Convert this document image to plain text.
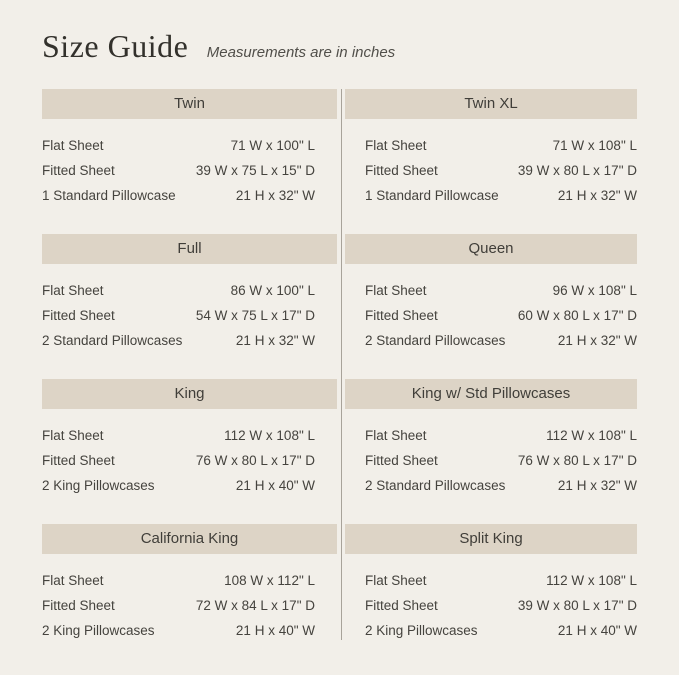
Size Guide Measurements are in inches
Twin
Flat Sheet	71 W x 100" L
Fitted Sheet	39 W x 75 L x 15" D
1 Standard Pillowcase	21 H x 32" W
Twin XL
Flat Sheet	71 W x 108" L
Fitted Sheet	39 W x 80 L x 17" D
1 Standard Pillowcase	21 H x 32" W
Full
Flat Sheet	86 W x 100" L
Fitted Sheet	54 W x 75 L x 17" D
2 Standard Pillowcases	21 H x 32" W
Queen
Flat Sheet	96 W x 108" L
Fitted Sheet	60 W x 80 L x 17" D
2 Standard Pillowcases	21 H x 32" W
King
Flat Sheet	112 W x 108" L
Fitted Sheet	76 W x 80 L x 17" D
2 King Pillowcases	21 H x 40" W
King w/ Std Pillowcases
Flat Sheet	112 W x 108" L
Fitted Sheet	76 W x 80 L x 17" D
2 Standard Pillowcases	21 H x 32" W
California King
Flat Sheet	108 W x 112" L
Fitted Sheet	72 W x 84 L x 17" D
2 King Pillowcases	21 H x 40" W
Split King
Flat Sheet	112 W x 108" L
Fitted Sheet	39 W x 80 L x 17" D
2 King Pillowcases	21 H x 40" W
